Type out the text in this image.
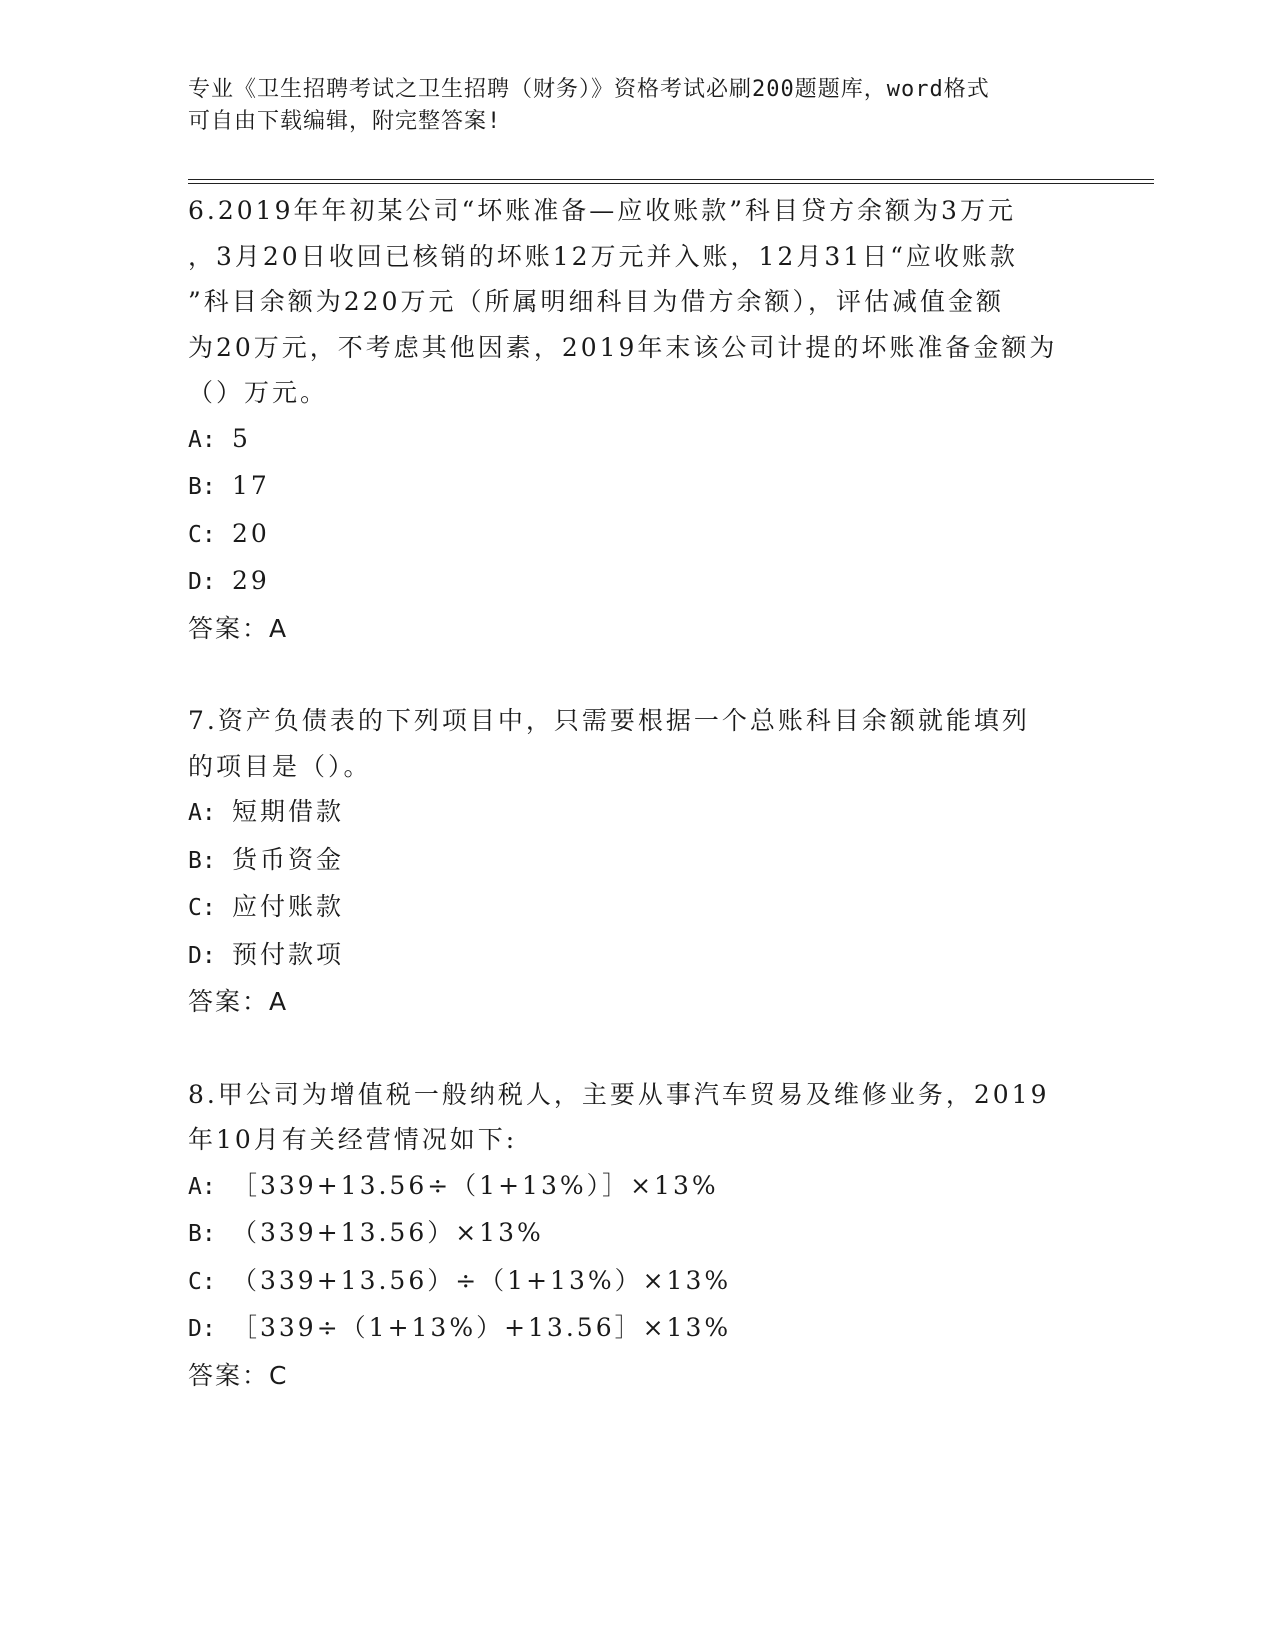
专业《卫生招聘考试之卫生招聘（财务）》资格考试必刷200题题库，word格式
可自由下载编辑，附完整答案!
6.2019年年初某公司“坏账准备—应收账款”科目贷方余额为3万元
，3月20日收回已核销的坏账12万元并入账，12月31日“应收账款
”科目余额为220万元（所属明细科目为借方余额），评估减值金额
为20万元，不考虑其他因素，2019年末该公司计提的坏账准备金额为
（）万元。
A: 5
B: 17
C: 20
D: 29
答案：A
7.资产负债表的下列项目中，只需要根据一个总账科目余额就能填列
的项目是（）。
A: 短期借款
B: 货币资金
C: 应付账款
D: 预付款项
答案：A
8.甲公司为增值税一般纳税人，主要从事汽车贸易及维修业务，2019
年10月有关经营情况如下:
A: ［339+13.56÷（1+13%）］×13%
B: （339+13.56）×13%
C: （339+13.56）÷（1+13%）×13%
D: ［339÷（1+13%）+13.56］×13%
答案：C
